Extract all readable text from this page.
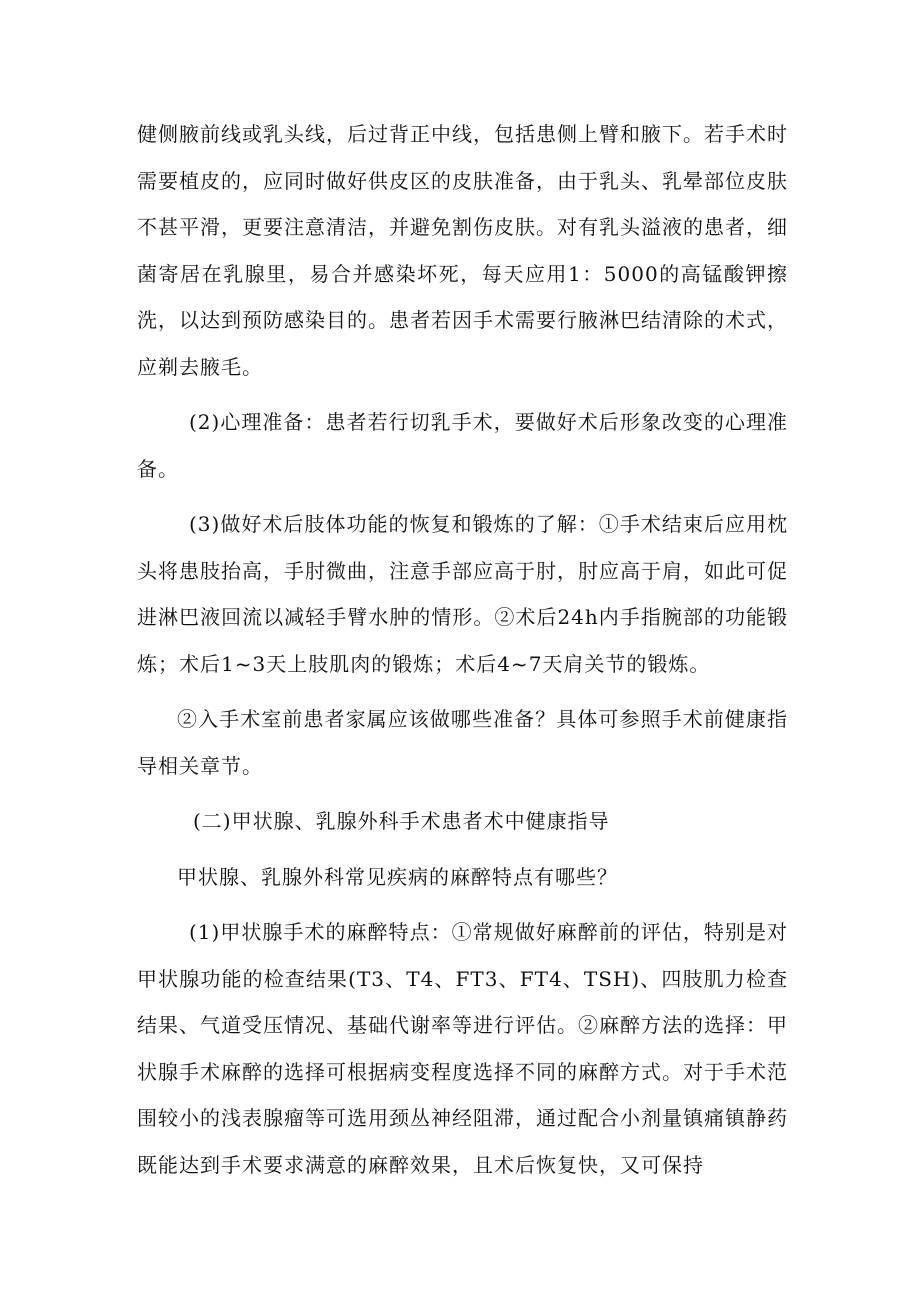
健侧腋前线或乳头线，后过背正中线，包括患侧上臂和腋下。若手术时需要植皮的，应同时做好供皮区的皮肤准备，由于乳头、乳晕部位皮肤不甚平滑，更要注意清洁，并避免割伤皮肤。对有乳头溢液的患者，细菌寄居在乳腺里，易合并感染坏死，每天应用1：5000的高锰酸钾擦洗，以达到预防感染目的。患者若因手术需要行腋淋巴结清除的术式，应剃去腋毛。

(2)心理准备：患者若行切乳手术，要做好术后形象改变的心理准备。

(3)做好术后肢体功能的恢复和锻炼的了解：①手术结束后应用枕头将患肢抬高，手肘微曲，注意手部应高于肘，肘应高于肩，如此可促进淋巴液回流以减轻手臂水肿的情形。②术后24h内手指腕部的功能锻炼；术后1~3天上肢肌肉的锻炼；术后4~7天肩关节的锻炼。

②入手术室前患者家属应该做哪些准备？具体可参照手术前健康指导相关章节。

(二)甲状腺、乳腺外科手术患者术中健康指导

甲状腺、乳腺外科常见疾病的麻醉特点有哪些？

(1)甲状腺手术的麻醉特点：①常规做好麻醉前的评估，特别是对甲状腺功能的检查结果(T3、T4、FT3、FT4、TSH)、四肢肌力检查结果、气道受压情况、基础代谢率等进行评估。②麻醉方法的选择：甲状腺手术麻醉的选择可根据病变程度选择不同的麻醉方式。对于手术范围较小的浅表腺瘤等可选用颈丛神经阻滞，通过配合小剂量镇痛镇静药既能达到手术要求满意的麻醉效果，且术后恢复快，又可保持
